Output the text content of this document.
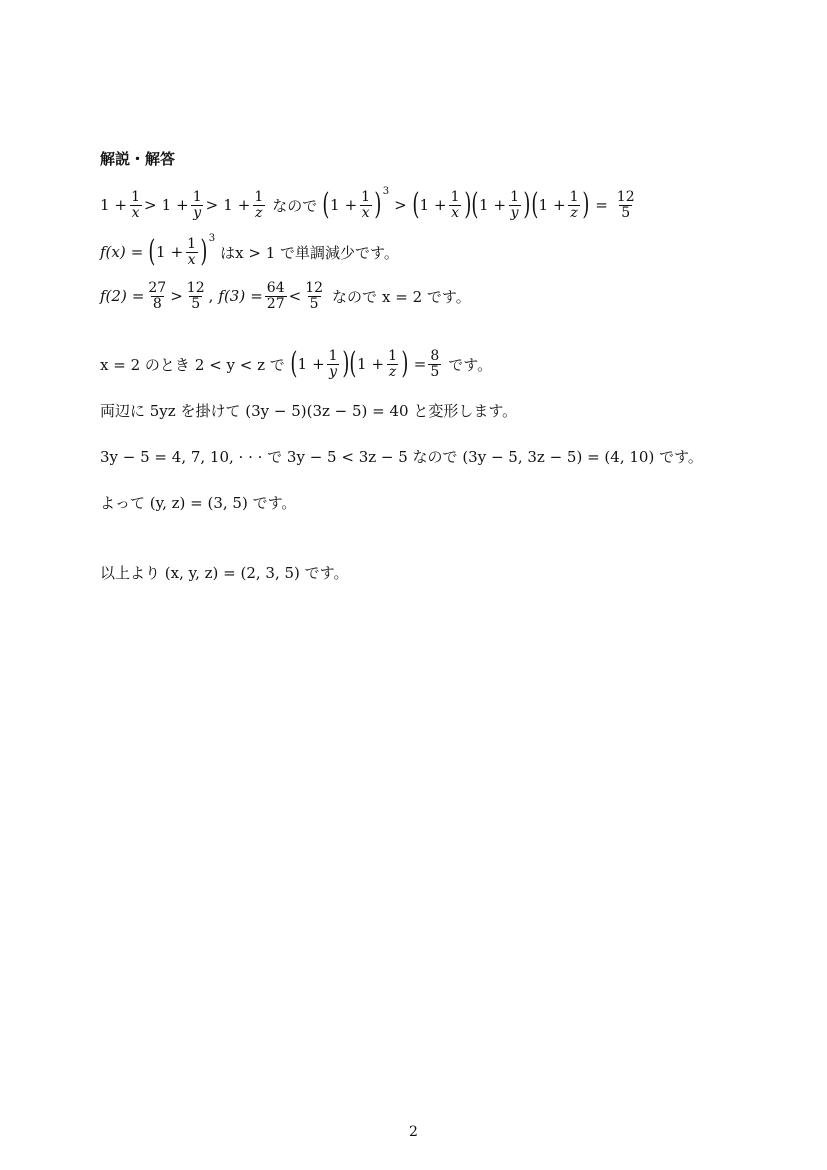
解説・解答
$1 + \frac{1}{x} > 1 + \frac{1}{y} > 1 + \frac{1}{z}$ なので ( $1 + \frac{1}{x}$ ) 3
> ( $1 + \frac{1}{x}$ ) ( $1 + \frac{1}{y}$ ) ( $1 + \frac{1}{z}$ ) = $\frac{12}{5}$
f(x) = ( $1 + \frac{1}{x}$ ) 3
は x > 1 で単調減少です。
$f(2) = \frac{27}{8} > \frac{12}{5}$ , $f(3) = \frac{64}{27} < \frac{12}{5}$ なので x = 2 です。
x = 2 のとき 2 < y < z で ( $1 + \frac{1}{y}$ ) ( $1 + \frac{1}{z}$ ) = $\frac{8}{5}$ です。
両辺に 5yz を掛けて (3y − 5)(3z − 5) = 40 と変形します。
3y − 5 = 4, 7, 10, · · · で 3y − 5 < 3z − 5 なので (3y − 5, 3z − 5) = (4, 10) です。
よって (y, z) = (3, 5) です。
以上より (x, y, z) = (2, 3, 5) です。
2
